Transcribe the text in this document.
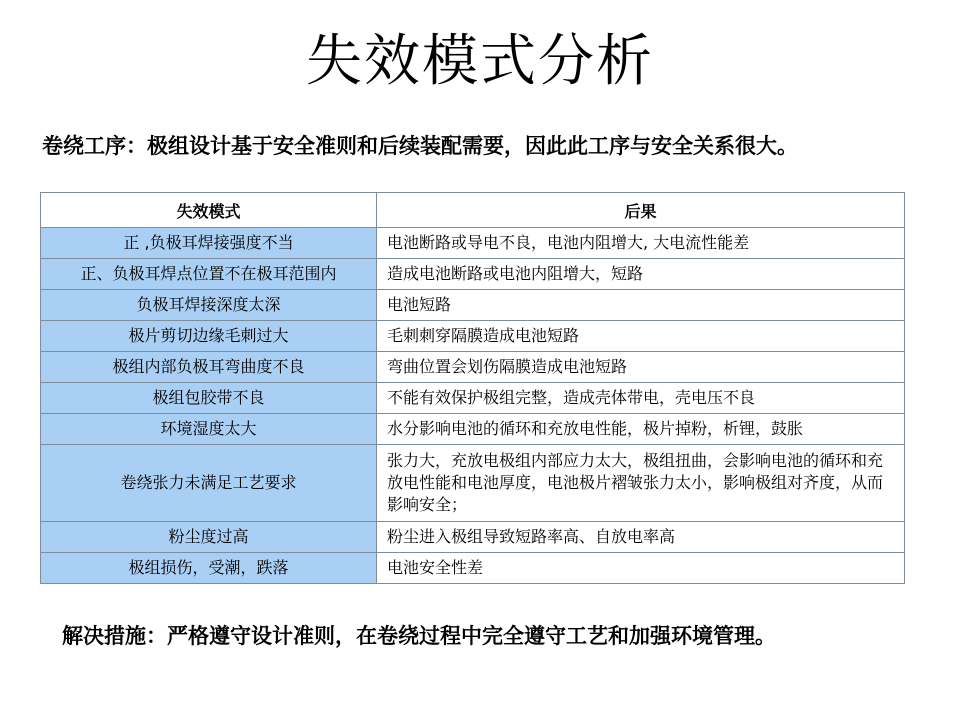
失效模式分析
卷绕工序：极组设计基于安全准则和后续装配需要，因此此工序与安全关系很大。
失效模式	后果
正 ,负极耳焊接强度不当	电池断路或导电不良，电池内阻增大, 大电流性能差
正、负极耳焊点位置不在极耳范围内	造成电池断路或电池内阻增大，短路
负极耳焊接深度太深	电池短路
极片剪切边缘毛刺过大	毛刺刺穿隔膜造成电池短路
极组内部负极耳弯曲度不良	弯曲位置会划伤隔膜造成电池短路
极组包胶带不良	不能有效保护极组完整，造成壳体带电，壳电压不良
环境湿度太大	水分影响电池的循环和充放电性能，极片掉粉，析锂，鼓胀
卷绕张力未满足工艺要求	张力大，充放电极组内部应力太大，极组扭曲，会影响电池的循环和充放电性能和电池厚度，电池极片褶皱张力太小，影响极组对齐度，从而影响安全；
粉尘度过高	粉尘进入极组导致短路率高、自放电率高
极组损伤，受潮，跌落	电池安全性差
解决措施：严格遵守设计准则，在卷绕过程中完全遵守工艺和加强环境管理。
